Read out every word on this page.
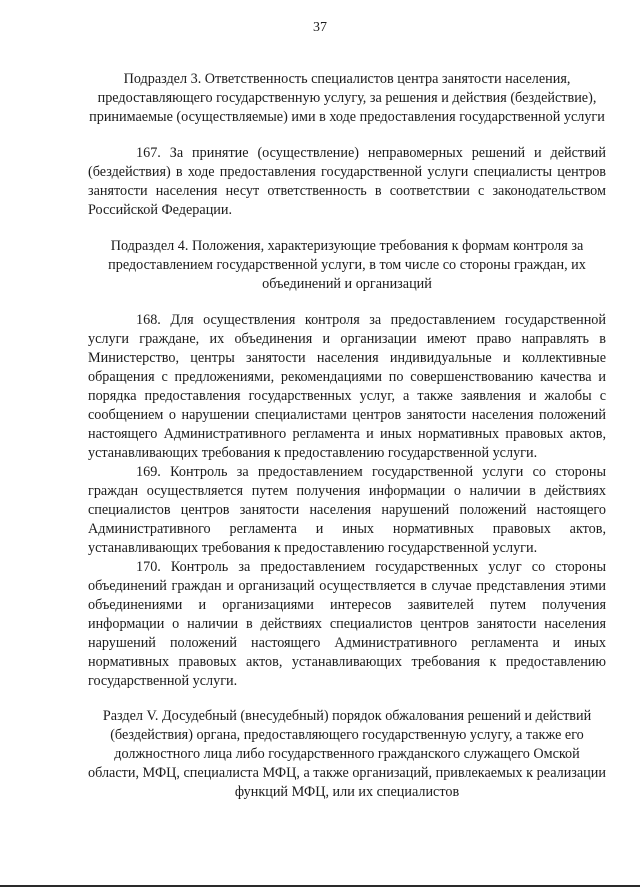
37

Подраздел 3. Ответственность специалистов центра занятости населения, предоставляющего государственную услугу, за решения и действия (бездействие), принимаемые (осуществляемые) ими в ходе предоставления государственной услуги

167. За принятие (осуществление) неправомерных решений и действий (бездействия) в ходе предоставления государственной услуги специалисты центров занятости населения несут ответственность в соответствии с законодательством Российской Федерации.

Подраздел 4. Положения, характеризующие требования к формам контроля за предоставлением государственной услуги, в том числе со стороны граждан, их объединений и организаций

168. Для осуществления контроля за предоставлением государственной услуги граждане, их объединения и организации имеют право направлять в Министерство, центры занятости населения индивидуальные и коллективные обращения с предложениями, рекомендациями по совершенствованию качества и порядка предоставления государственных услуг, а также заявления и жалобы с сообщением о нарушении специалистами центров занятости населения положений настоящего Административного регламента и иных нормативных правовых актов, устанавливающих требования к предоставлению государственной услуги.

169. Контроль за предоставлением государственной услуги со стороны граждан осуществляется путем получения информации о наличии в действиях специалистов центров занятости населения нарушений положений настоящего Административного регламента и иных нормативных правовых актов, устанавливающих требования к предоставлению государственной услуги.

170. Контроль за предоставлением государственных услуг со стороны объединений граждан и организаций осуществляется в случае представления этими объединениями и организациями интересов заявителей путем получения информации о наличии в действиях специалистов центров занятости населения нарушений положений настоящего Административного регламента и иных нормативных правовых актов, устанавливающих требования к предоставлению государственной услуги.

Раздел V. Досудебный (внесудебный) порядок обжалования решений и действий (бездействия) органа, предоставляющего государственную услугу, а также его должностного лица либо государственного гражданского служащего Омской области, МФЦ, специалиста МФЦ, а также организаций, привлекаемых к реализации функций МФЦ, или их специалистов
